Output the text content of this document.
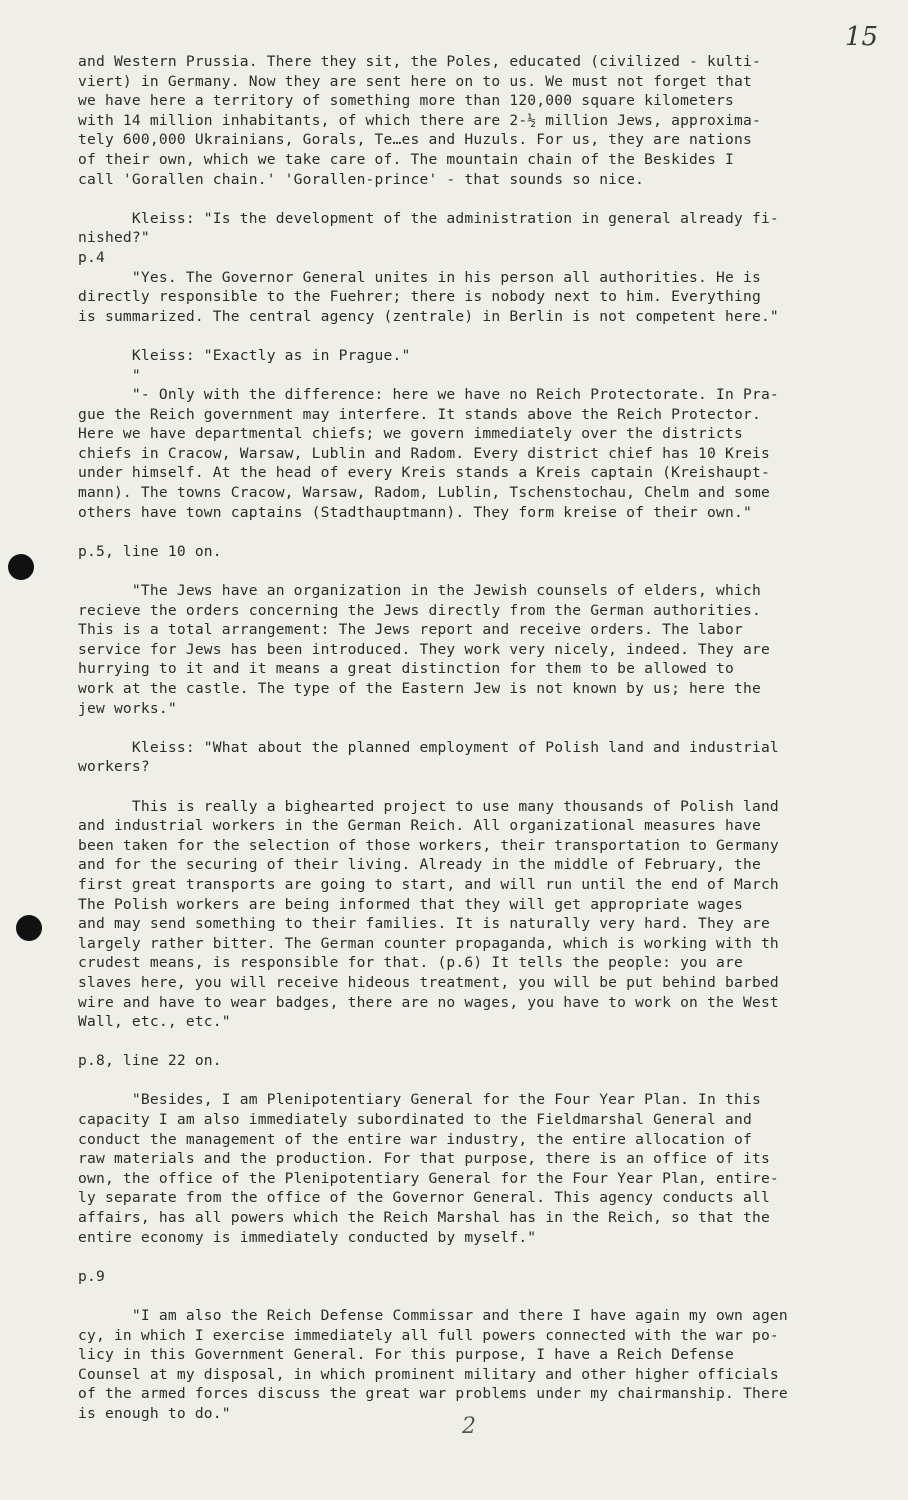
15
and Western Prussia. There they sit, the Poles, educated (civilized - kulti-
viert) in Germany. Now they are sent here on to us. We must not forget that
we have here a territory of something more than 120,000 square kilometers
with 14 million inhabitants, of which there are 2-½ million Jews, approxima-
tely 600,000 Ukrainians, Gorals, Te…es and Huzuls. For us, they are nations
of their own, which we take care of. The mountain chain of the Beskides I
call 'Gorallen chain.' 'Gorallen-prince' - that sounds so nice.
Kleiss: "Is the development of the administration in general already fi-
nished?"
p.4
"Yes. The Governor General unites in his person all authorities. He is
directly responsible to the Fuehrer; there is nobody next to him. Everything
is summarized. The central agency (zentrale) in Berlin is not competent here."
Kleiss: "Exactly as in Prague."
"
"- Only with the difference: here we have no Reich Protectorate. In Pra-
gue the Reich government may interfere. It stands above the Reich Protector.
Here we have departmental chiefs; we govern immediately over the districts
chiefs in Cracow, Warsaw, Lublin and Radom. Every district chief has 10 Kreis
under himself. At the head of every Kreis stands a Kreis captain (Kreishaupt-
mann). The towns Cracow, Warsaw, Radom, Lublin, Tschenstochau, Chelm and some
others have town captains (Stadthauptmann). They form kreise of their own."
p.5, line 10 on.
"The Jews have an organization in the Jewish counsels of elders, which
recieve the orders concerning the Jews directly from the German authorities.
This is a total arrangement: The Jews report and receive orders. The labor
service for Jews has been introduced. They work very nicely, indeed. They are
hurrying to it and it means a great distinction for them to be allowed to
work at the castle. The type of the Eastern Jew is not known by us; here the
jew works."
Kleiss: "What about the planned employment of Polish land and industrial
workers?
This is really a bighearted project to use many thousands of Polish land
and industrial workers in the German Reich. All organizational measures have
been taken for the selection of those workers, their transportation to Germany
and for the securing of their living. Already in the middle of February, the
first great transports are going to start, and will run until the end of March
The Polish workers are being informed that they will get appropriate wages
and may send something to their families. It is naturally very hard. They are
largely rather bitter. The German counter propaganda, which is working with th
crudest means, is responsible for that. (p.6) It tells the people: you are
slaves here, you will receive hideous treatment, you will be put behind barbed
wire and have to wear badges, there are no wages, you have to work on the West
Wall, etc., etc."
p.8, line 22 on.
"Besides, I am Plenipotentiary General for the Four Year Plan. In this
capacity I am also immediately subordinated to the Fieldmarshal General and
conduct the management of the entire war industry, the entire allocation of
raw materials and the production. For that purpose, there is an office of its
own, the office of the Plenipotentiary General for the Four Year Plan, entire-
ly separate from the office of the Governor General. This agency conducts all
affairs, has all powers which the Reich Marshal has in the Reich, so that the
entire economy is immediately conducted by myself."
p.9
"I am also the Reich Defense Commissar and there I have again my own agen
cy, in which I exercise immediately all full powers connected with the war po-
licy in this Government General. For this purpose, I have a Reich Defense
Counsel at my disposal, in which prominent military and other higher officials
of the armed forces discuss the great war problems under my chairmanship. There
is enough to do."
2
